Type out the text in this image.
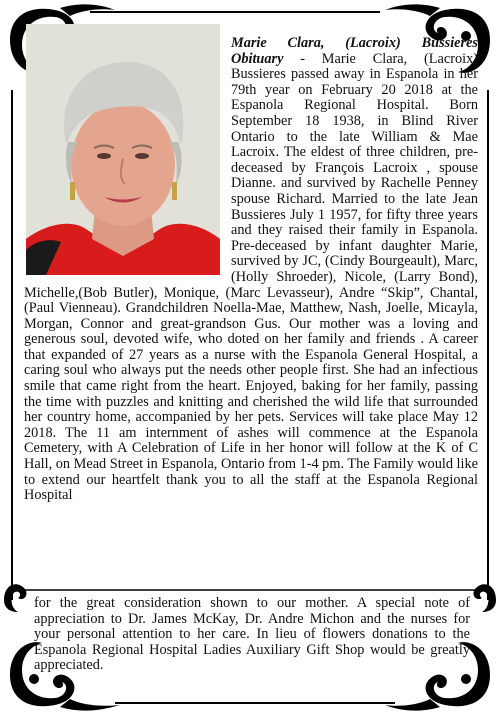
Marie Clara, (Lacroix) Bussieres Obituary - Marie Clara, (Lacroix) Bussieres passed away in Espanola in her 79th year on February 20 2018 at the Espanola Regional Hospital. Born September 18 1938, in Blind River Ontario to the late William & Mae Lacroix. The eldest of three children, pre-deceased by François Lacroix , spouse Dianne. and survived by Rachelle Penney spouse Richard. Married to the late Jean Bussieres July 1 1957, for fifty three years and they raised their family in Espanola. Pre-deceased by infant daughter Marie, survived by JC, (Cindy Bourgeault), Marc, (Holly Shroeder), Nicole, (Larry Bond), Michelle,(Bob Butler), Monique, (Marc Levasseur), Andre “Skip”, Chantal, (Paul Vienneau). Grandchildren Noella-Mae, Matthew, Nash, Joelle, Micayla, Morgan, Connor and great-grandson Gus. Our mother was a loving and generous soul, devoted wife, who doted on her family and friends . A career that expanded of 27 years as a nurse with the Espanola General Hospital, a caring soul who always put the needs other people first. She had an infectious smile that came right from the heart. Enjoyed, baking for her family, passing the time with puzzles and knitting and cherished the wild life that surrounded her country home, accompanied by her pets. Services will take place May 12 2018. The 11 am internment of ashes will commence at the Espanola Cemetery, with A Celebration of Life in her honor will follow at the K of C Hall, on Mead Street in Espanola, Ontario from 1-4 pm. The Family would like to extend our heartfelt thank you to all the staff at the Espanola Regional Hospital
for the great consideration shown to our mother. A special note of appreciation to Dr. James McKay, Dr. Andre Michon and the nurses for your personal attention to her care. In lieu of flowers donations to the Espanola Regional Hospital Ladies Auxiliary Gift Shop would be greatly appreciated.
